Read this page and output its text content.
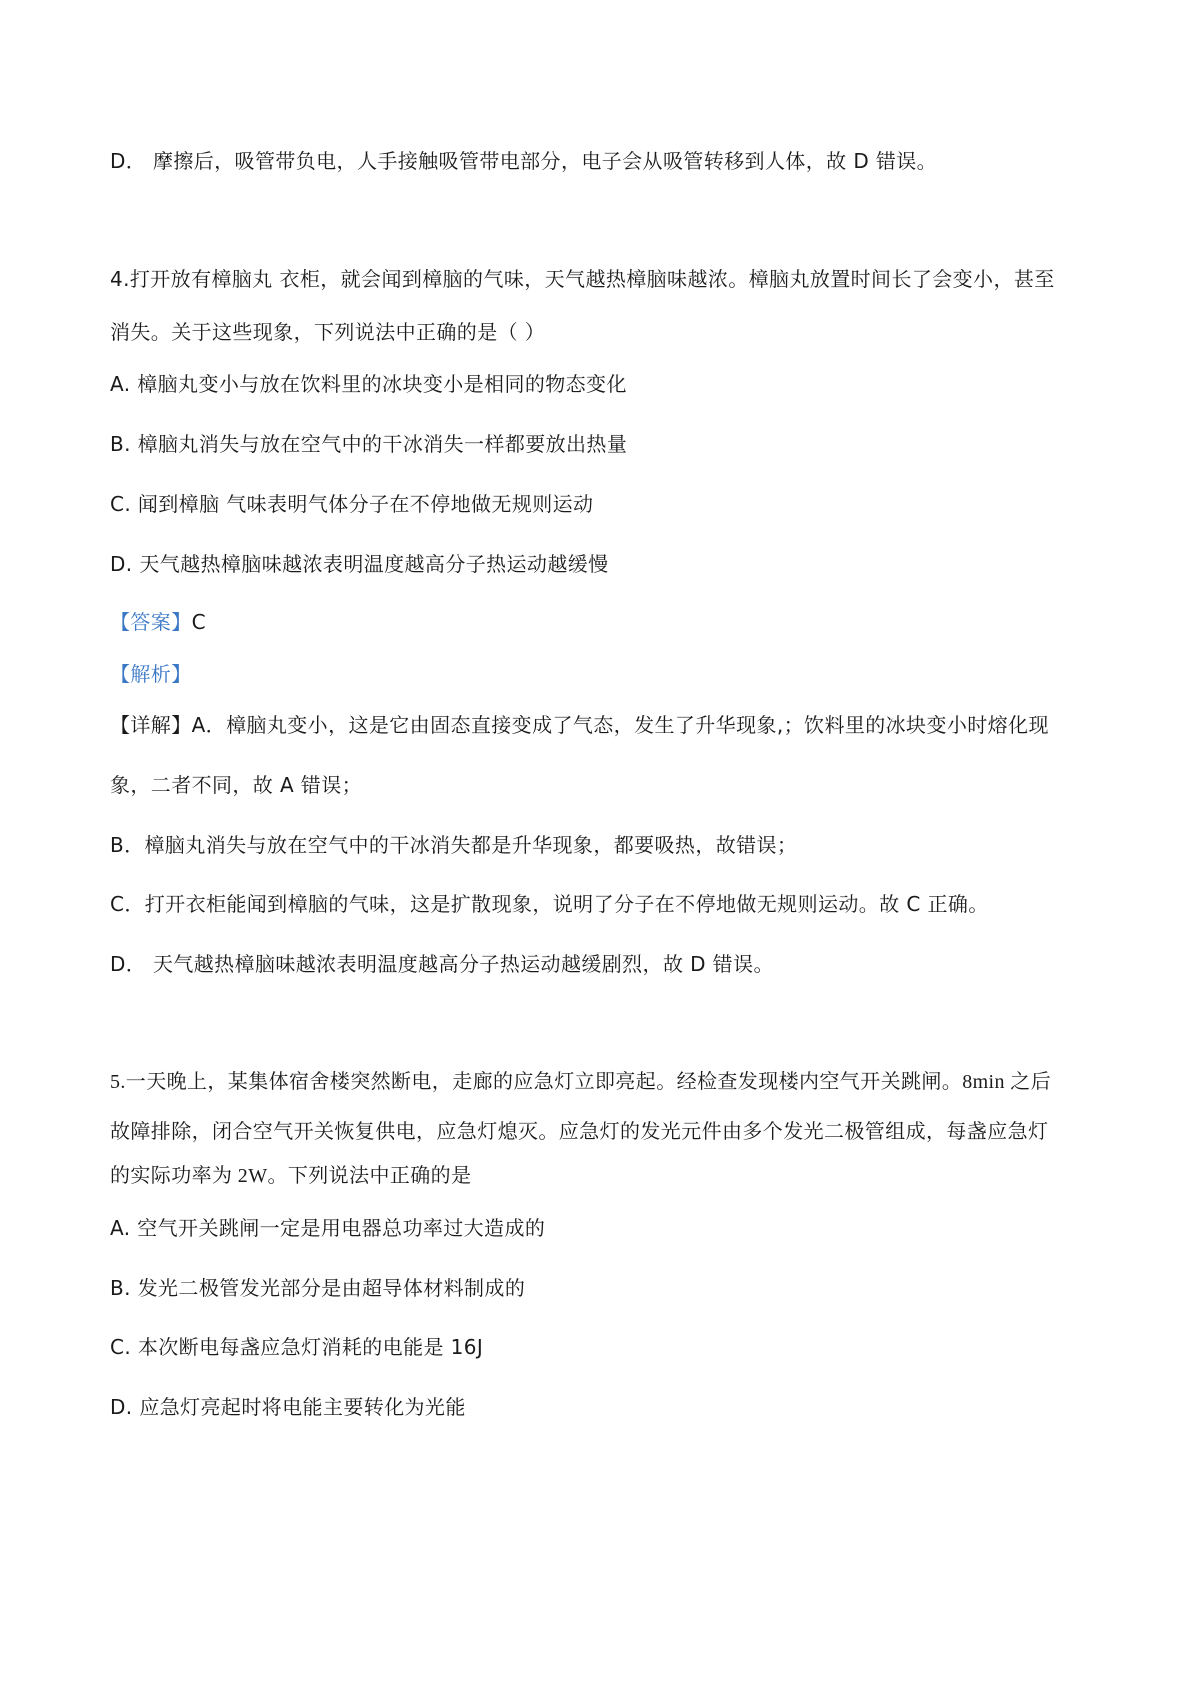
D． 摩擦后，吸管带负电，人手接触吸管带电部分，电子会从吸管转移到人体，故 D 错误。
4.打开放有樟脑丸 衣柜，就会闻到樟脑的气味，天气越热樟脑味越浓。樟脑丸放置时间长了会变小，甚至
消失。关于这些现象，下列说法中正确的是（ ）
A. 樟脑丸变小与放在饮料里的冰块变小是相同的物态变化
B. 樟脑丸消失与放在空气中的干冰消失一样都要放出热量
C. 闻到樟脑 气味表明气体分子在不停地做无规则运动
D. 天气越热樟脑味越浓表明温度越高分子热运动越缓慢
【答案】C
【解析】
【详解】A．樟脑丸变小，这是它由固态直接变成了气态，发生了升华现象,；饮料里的冰块变小时熔化现
象，二者不同，故 A 错误；
B．樟脑丸消失与放在空气中的干冰消失都是升华现象，都要吸热，故错误；
C．打开衣柜能闻到樟脑的气味，这是扩散现象，说明了分子在不停地做无规则运动。故 C 正确。
D． 天气越热樟脑味越浓表明温度越高分子热运动越缓剧烈，故 D 错误。
5.一天晚上，某集体宿舍楼突然断电，走廊的应急灯立即亮起。经检查发现楼内空气开关跳闸。8min 之后
故障排除，闭合空气开关恢复供电，应急灯熄灭。应急灯的发光元件由多个发光二极管组成，每盏应急灯
的实际功率为 2W。下列说法中正确的是
A. 空气开关跳闸一定是用电器总功率过大造成的
B. 发光二极管发光部分是由超导体材料制成的
C. 本次断电每盏应急灯消耗的电能是 16J
D. 应急灯亮起时将电能主要转化为光能
